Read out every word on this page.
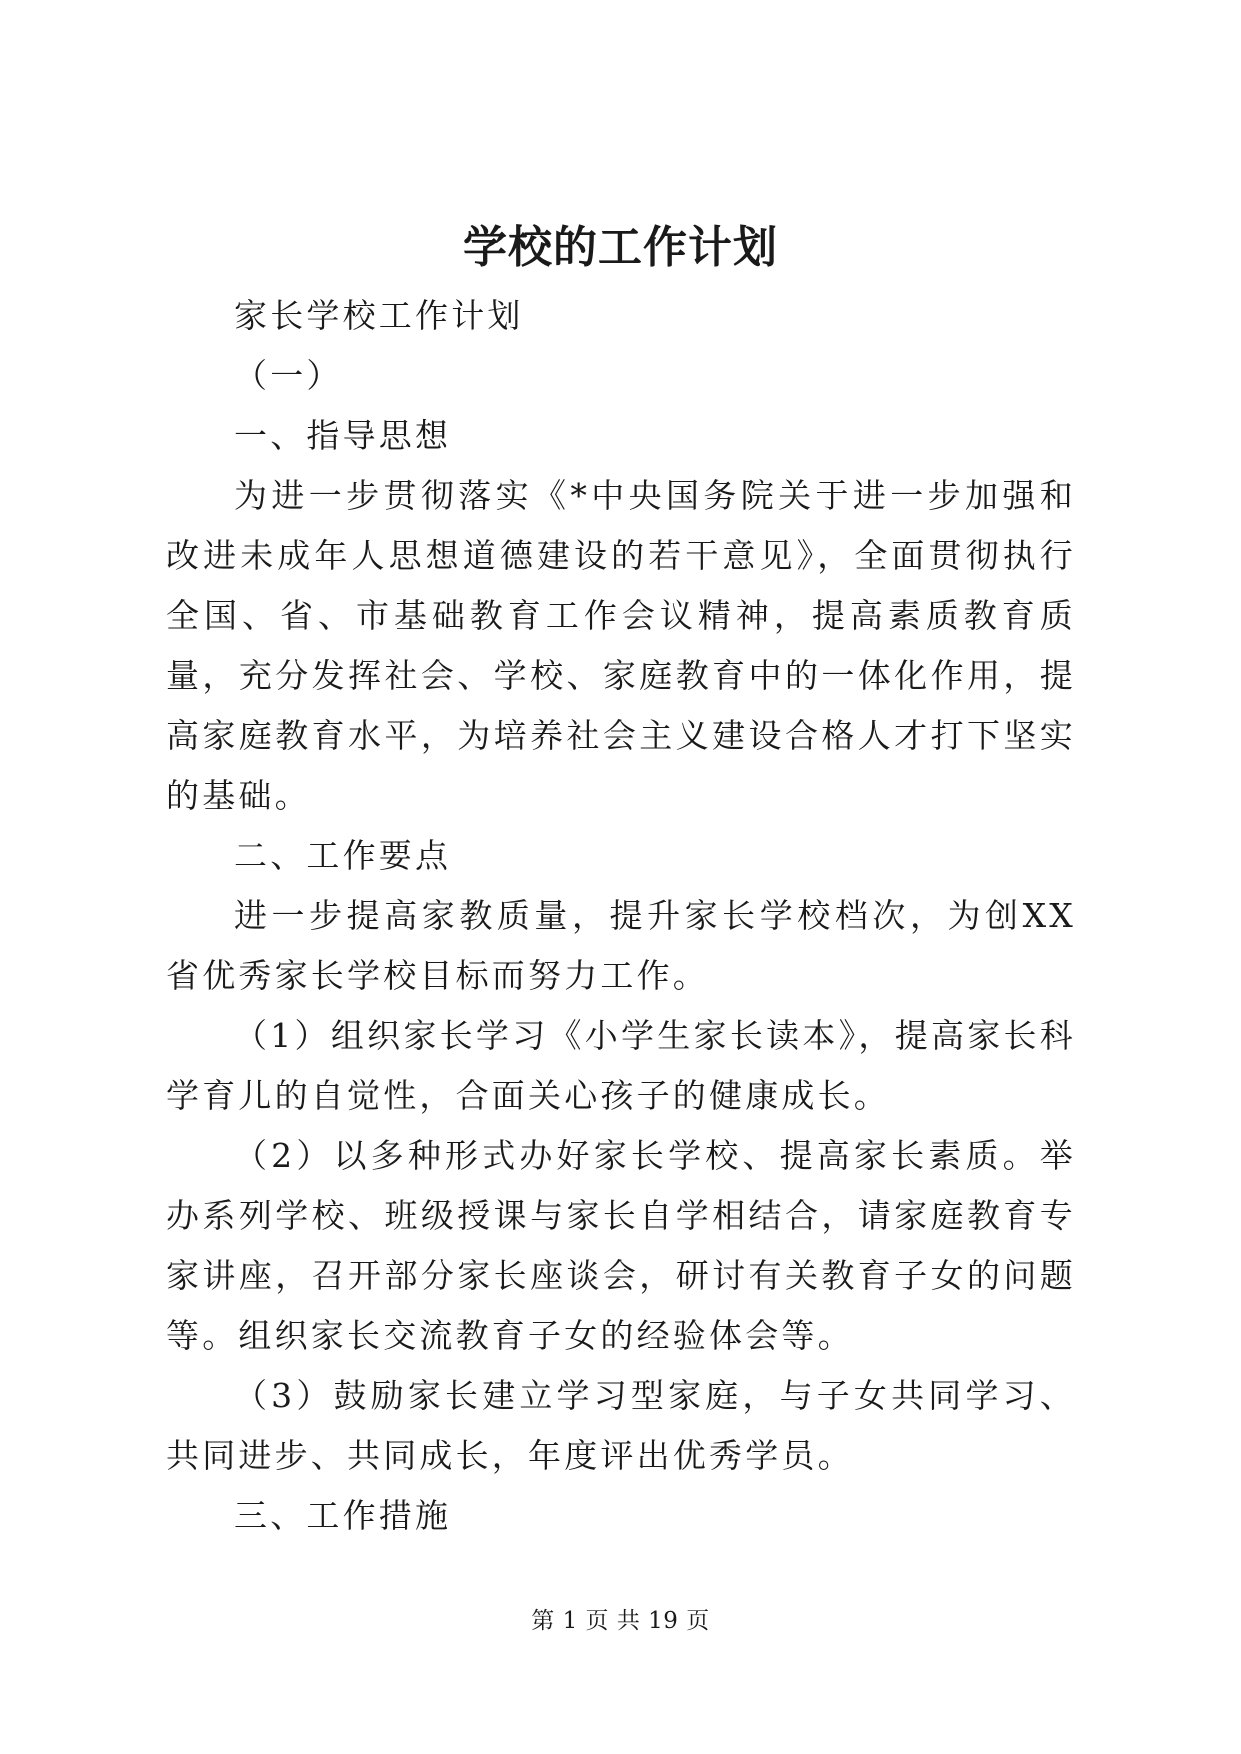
学校的工作计划

家长学校工作计划

（一）

一、指导思想

为进一步贯彻落实《*中央国务院关于进一步加强和改进未成年人思想道德建设的若干意见》，全面贯彻执行全国、省、市基础教育工作会议精神，提高素质教育质量，充分发挥社会、学校、家庭教育中的一体化作用，提高家庭教育水平，为培养社会主义建设合格人才打下坚实的基础。

二、工作要点

进一步提高家教质量，提升家长学校档次，为创XX省优秀家长学校目标而努力工作。

（1）组织家长学习《小学生家长读本》，提高家长科学育儿的自觉性，合面关心孩子的健康成长。

（2）以多种形式办好家长学校、提高家长素质。举办系列学校、班级授课与家长自学相结合，请家庭教育专家讲座，召开部分家长座谈会，研讨有关教育子女的问题等。组织家长交流教育子女的经验体会等。

（3）鼓励家长建立学习型家庭，与子女共同学习、共同进步、共同成长，年度评出优秀学员。

三、工作措施

第 1 页 共 19 页
